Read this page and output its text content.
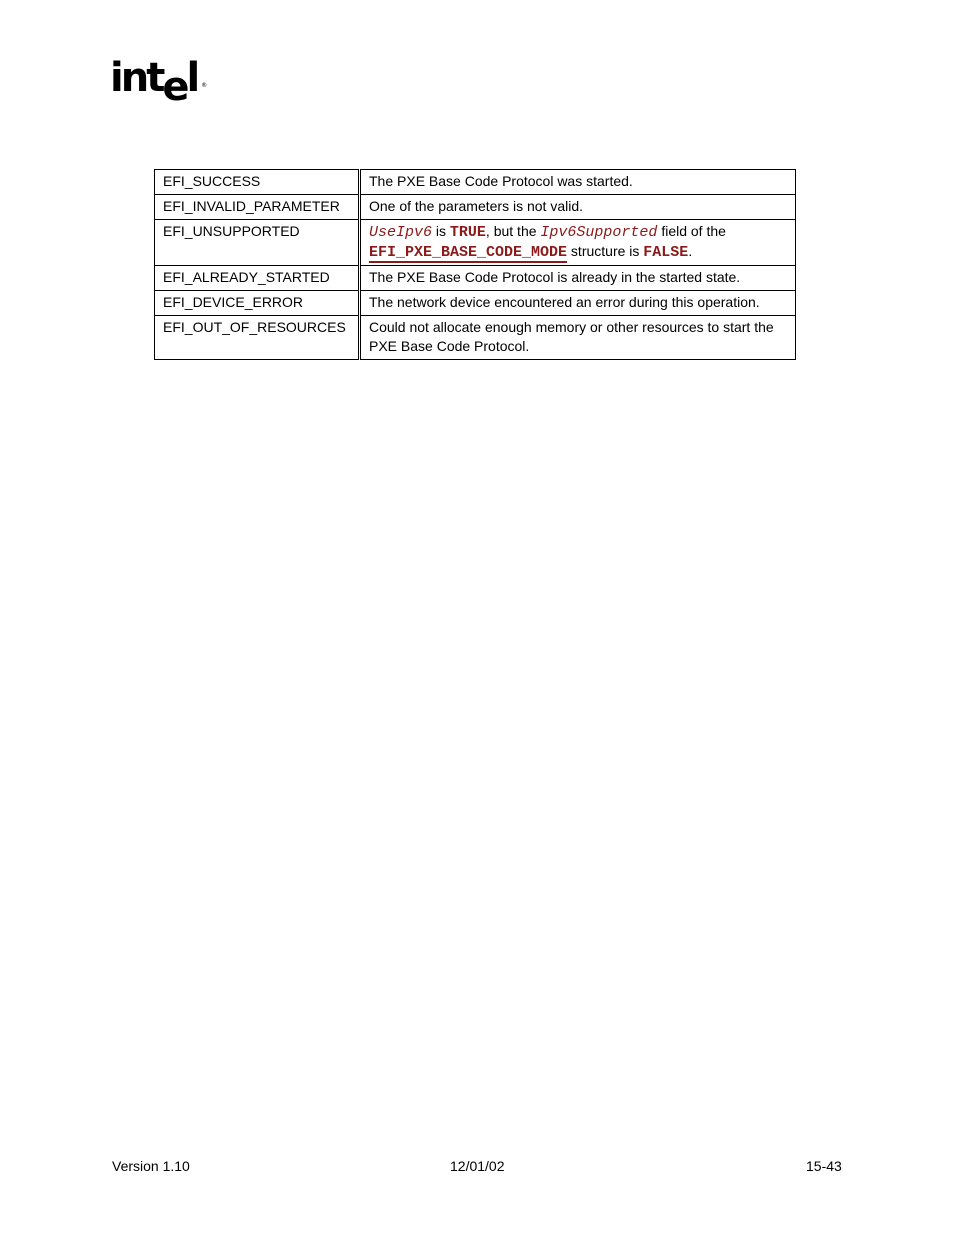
intel ®
EFI_SUCCESS	The PXE Base Code Protocol was started.
EFI_INVALID_PARAMETER	One of the parameters is not valid.
EFI_UNSUPPORTED	UseIpv6 is TRUE, but the Ipv6Supported field of the EFI_PXE_BASE_CODE_MODE structure is FALSE.
EFI_ALREADY_STARTED	The PXE Base Code Protocol is already in the started state.
EFI_DEVICE_ERROR	The network device encountered an error during this operation.
EFI_OUT_OF_RESOURCES	Could not allocate enough memory or other resources to start the PXE Base Code Protocol.
Version 1.10	12/01/02	15-43
